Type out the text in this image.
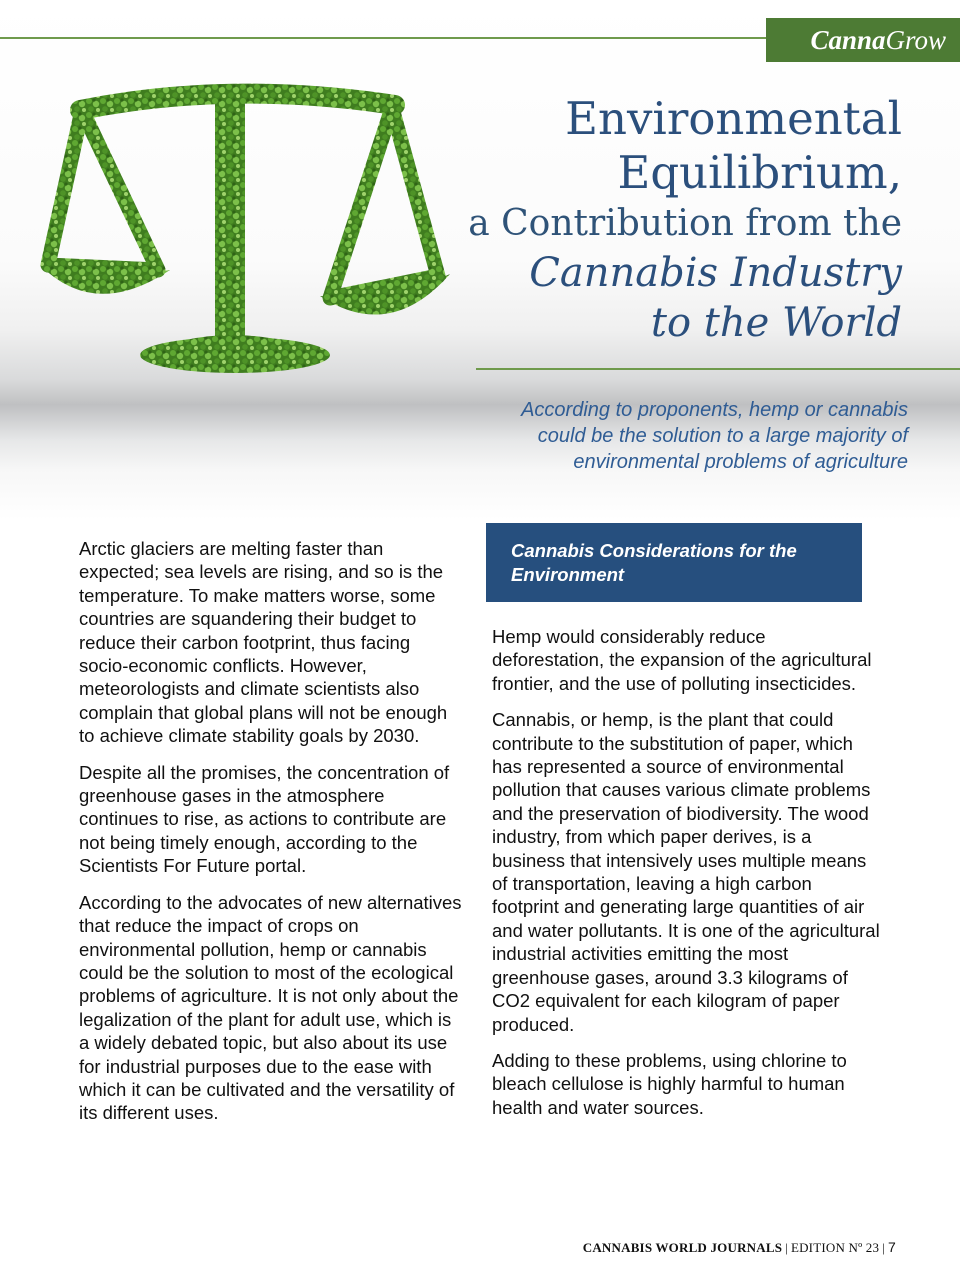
CannaGrow
Environmental
Equilibrium,
a Contribution from the
Cannabis Industry
to the World
According to proponents, hemp or cannabis could be the solution to a large majority of environmental problems of agriculture

Arctic glaciers are melting faster than expected; sea levels are rising, and so is the temperature. To make matters worse, some countries are squandering their budget to reduce their carbon footprint, thus facing socio-economic conflicts. However, meteorologists and climate scientists also complain that global plans will not be enough to achieve climate stability goals by 2030.

Despite all the promises, the concentration of greenhouse gases in the atmosphere continues to rise, as actions to contribute are not being timely enough, according to the Scientists For Future portal.

According to the advocates of new alternatives that reduce the impact of crops on environmental pollution, hemp or cannabis could be the solution to most of the ecological problems of agriculture. It is not only about the legalization of the plant for adult use, which is a widely debated topic, but also about its use for industrial purposes due to the ease with which it can be cultivated and the versatility of its different uses.

Cannabis Considerations for the Environment

Hemp would considerably reduce deforestation, the expansion of the agricultural frontier, and the use of polluting insecticides.

Cannabis, or hemp, is the plant that could contribute to the substitution of paper, which has represented a source of environmental pollution that causes various climate problems and the preservation of biodiversity. The wood industry, from which paper derives, is a business that intensively uses multiple means of transportation, leaving a high carbon footprint and generating large quantities of air and water pollutants. It is one of the agricultural industrial activities emitting the most greenhouse gases, around 3.3 kilograms of CO2 equivalent for each kilogram of paper produced.

Adding to these problems, using chlorine to bleach cellulose is highly harmful to human health and water sources.

CANNABIS WORLD JOURNALS | EDITION Nº 23 | 7
